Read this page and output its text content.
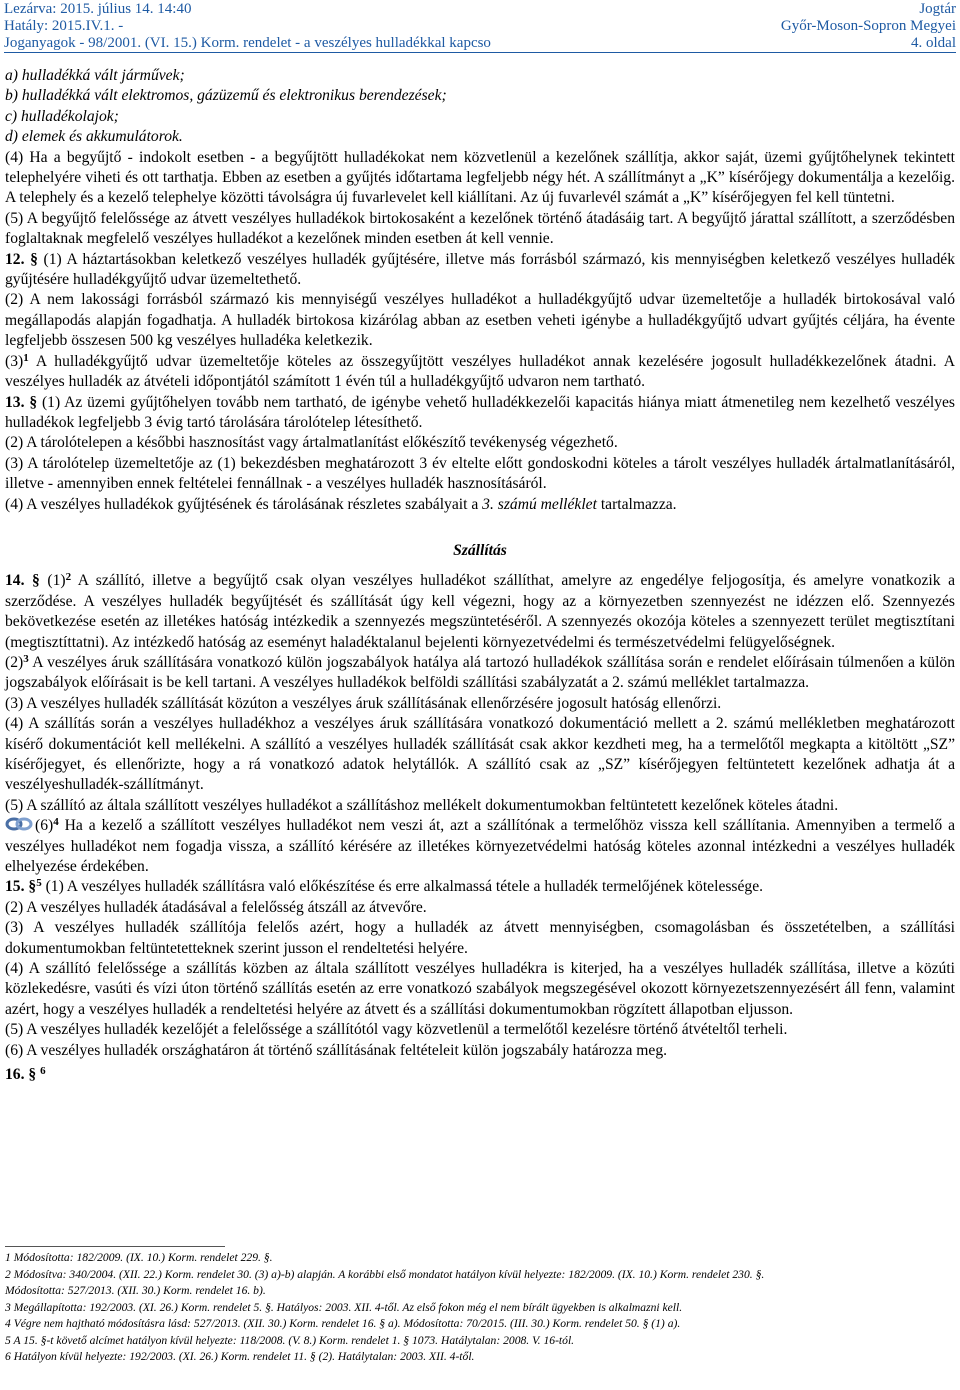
Lezárva: 2015. július 14. 14:40
Hatály: 2015.IV.1. -
Joganyagok - 98/2001. (VI. 15.) Korm. rendelet - a veszélyes hulladékkal kapcso
Jogtár
Győr-Moson-Sopron Megyei
4. oldal

a) hulladékká vált járművek;

b) hulladékká vált elektromos, gázüzemű és elektronikus berendezések;

c) hulladékolajok;

d) elemek és akkumulátorok.

(4) Ha a begyűjtő - indokolt esetben - a begyűjtött hulladékokat nem közvetlenül a kezelőnek szállítja, akkor saját, üzemi gyűjtőhelynek tekintett telephelyére viheti és ott tarthatja. Ebben az esetben a gyűjtés időtartama legfeljebb négy hét. A szállítmányt a „K” kísérőjegy dokumentálja a kezelőig. A telephely és a kezelő telephelye közötti távolságra új fuvarlevelet kell kiállítani. Az új fuvarlevél számát a „K” kísérőjegyen fel kell tüntetni.

(5) A begyűjtő felelőssége az átvett veszélyes hulladékok birtokosaként a kezelőnek történő átadásáig tart. A begyűjtő járattal szállított, a szerződésben foglaltaknak megfelelő veszélyes hulladékot a kezelőnek minden esetben át kell vennie.

12. § (1) A háztartásokban keletkező veszélyes hulladék gyűjtésére, illetve más forrásból származó, kis mennyiségben keletkező veszélyes hulladék gyűjtésére hulladékgyűjtő udvar üzemeltethető.

(2) A nem lakossági forrásból származó kis mennyiségű veszélyes hulladékot a hulladékgyűjtő udvar üzemeltetője a hulladék birtokosával való megállapodás alapján fogadhatja. A hulladék birtokosa kizárólag abban az esetben veheti igénybe a hulladékgyűjtő udvart gyűjtés céljára, ha évente legfeljebb összesen 500 kg veszélyes hulladéka keletkezik.

$(3)^1$ A hulladékgyűjtő udvar üzemeltetője köteles az összegyűjtött veszélyes hulladékot annak kezelésére jogosult hulladékkezelőnek átadni. A veszélyes hulladék az átvételi időpontjától számított 1 évén túl a hulladékgyűjtő udvaron nem tartható.

13. § (1) Az üzemi gyűjtőhelyen tovább nem tartható, de igénybe vehető hulladékkezelői kapacitás hiánya miatt átmenetileg nem kezelhető veszélyes hulladékok legfeljebb 3 évig tartó tárolására tárolótelep létesíthető.

(2) A tárolótelepen a későbbi hasznosítást vagy ártalmatlanítást előkészítő tevékenység végezhető.

(3) A tárolótelep üzemeltetője az (1) bekezdésben meghatározott 3 év eltelte előtt gondoskodni köteles a tárolt veszélyes hulladék ártalmatlanításáról, illetve - amennyiben ennek feltételei fennállnak - a veszélyes hulladék hasznosításáról.

(4) A veszélyes hulladékok gyűjtésének és tárolásának részletes szabályait a 3. számú melléklet tartalmazza.

Szállítás

14. § $(1)^2$ A szállító, illetve a begyűjtő csak olyan veszélyes hulladékot szállíthat, amelyre az engedélye feljogosítja, és amelyre vonatkozik a szerződése. A veszélyes hulladék begyűjtését és szállítását úgy kell végezni, hogy az a környezetben szennyezést ne idézzen elő. Szennyezés bekövetkezése esetén az illetékes hatóság intézkedik a szennyezés megszüntetéséről. A szennyezés okozója köteles a szennyezett terület megtisztítani (megtisztíttatni). Az intézkedő hatóság az eseményt haladéktalanul bejelenti környezetvédelmi és természetvédelmi felügyelőségnek.

$(2)^3$ A veszélyes áruk szállítására vonatkozó külön jogszabályok hatálya alá tartozó hulladékok szállítása során e rendelet előírásain túlmenően a külön jogszabályok előírásait is be kell tartani. A veszélyes hulladékok belföldi szállítási szabályzatát a 2. számú melléklet tartalmazza.

(3) A veszélyes hulladék szállítását közúton a veszélyes áruk szállításának ellenőrzésére jogosult hatóság ellenőrzi.

(4) A szállítás során a veszélyes hulladékhoz a veszélyes áruk szállítására vonatkozó dokumentáció mellett a 2. számú mellékletben meghatározott kísérő dokumentációt kell mellékelni. A szállító a veszélyes hulladék szállítását csak akkor kezdheti meg, ha a termelőtől megkapta a kitöltött „SZ” kísérőjegyet, és ellenőrizte, hogy a rá vonatkozó adatok helytállók. A szállító csak az „SZ” kísérőjegyen feltüntetett kezelőnek adhatja át a veszélyeshulladék-szállítmányt.

(5) A szállító az általa szállított veszélyes hulladékot a szállításhoz mellékelt dokumentumokban feltüntetett kezelőnek köteles átadni.

$(6)^4$ Ha a kezelő a szállított veszélyes hulladékot nem veszi át, azt a szállítónak a termelőhöz vissza kell szállítania. Amennyiben a termelő a veszélyes hulladékot nem fogadja vissza, a szállító kérésére az illetékes környezetvédelmi hatóság köteles azonnal intézkedni a veszélyes hulladék elhelyezése érdekében.

15. §$^5$ (1) A veszélyes hulladék szállításra való előkészítése és erre alkalmassá tétele a hulladék termelőjének kötelessége.

(2) A veszélyes hulladék átadásával a felelősség átszáll az átvevőre.

(3) A veszélyes hulladék szállítója felelős azért, hogy a hulladék az átvett mennyiségben, csomagolásban és összetételben, a szállítási dokumentumokban feltüntetetteknek szerint jusson el rendeltetési helyére.

(4) A szállító felelőssége a szállítás közben az általa szállított veszélyes hulladékra is kiterjed, ha a veszélyes hulladék szállítása, illetve a közúti közlekedésre, vasúti és vízi úton történő szállítás esetén az erre vonatkozó szabályok megszegésével okozott környezetszennyezésért áll fenn, valamint azért, hogy a veszélyes hulladék a rendeltetési helyére az átvett és a szállítási dokumentumokban rögzített állapotban eljusson.

(5) A veszélyes hulladék kezelőjét a felelőssége a szállítótól vagy közvetlenül a termelőtől kezelésre történő átvételtől terheli.

(6) A veszélyes hulladék országhatáron át történő szállításának feltételeit külön jogszabály határozza meg.

16. § $^6$

1 Módosította: 182/2009. (IX. 10.) Korm. rendelet 229. §.
2 Módosítva: 340/2004. (XII. 22.) Korm. rendelet 30. (3) a)-b) alapján. A korábbi első mondatot hatályon kívül helyezte: 182/2009. (IX. 10.) Korm. rendelet 230. §.
Módosította: 527/2013. (XII. 30.) Korm. rendelet 16. b).
3 Megállapította: 192/2003. (XI. 26.) Korm. rendelet 5. §. Hatályos: 2003. XII. 4-től. Az első fokon még el nem bírált ügyekben is alkalmazni kell.
4 Végre nem hajtható módosításra lásd: 527/2013. (XII. 30.) Korm. rendelet 16. § a). Módosította: 70/2015. (III. 30.) Korm. rendelet 50. § (1) a).
5 A 15. §-t követő alcímet hatályon kívül helyezte: 118/2008. (V. 8.) Korm. rendelet 1. § 1073. Hatálytalan: 2008. V. 16-tól.
6 Hatályon kívül helyezte: 192/2003. (XI. 26.) Korm. rendelet 11. § (2). Hatálytalan: 2003. XII. 4-től.
